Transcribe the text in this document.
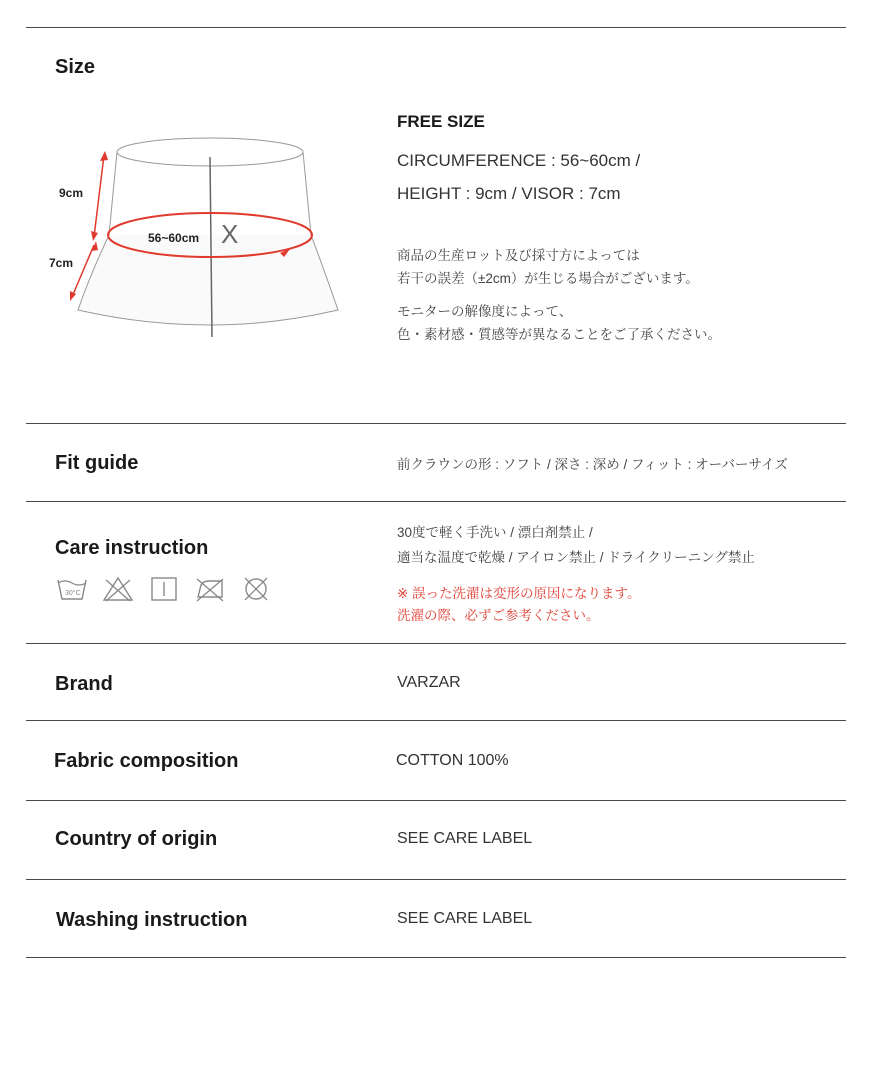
Size
X
9cm
7cm
56~60cm
FREE SIZE
CIRCUMFERENCE : 56~60cm /
HEIGHT : 9cm / VISOR : 7cm
商品の生産ロット及び採寸方によっては
若干の誤差（±2cm）が生じる場合がございます。
モニターの解像度によって、
色・素材感・質感等が異なることをご了承ください。
Fit guide	前クラウンの形 : ソフト / 深さ : 深め / フィット : オーバーサイズ
Care instruction
30°C
30度で軽く手洗い / 漂白剤禁止 /
適当な温度で乾燥 / アイロン禁止 / ドライクリーニング禁止
※ 誤った洗濯は変形の原因になります。
洗濯の際、必ずご参考ください。
Brand	VARZAR
Fabric composition	COTTON 100%
Country of origin	SEE CARE LABEL
Washing instruction	SEE CARE LABEL
